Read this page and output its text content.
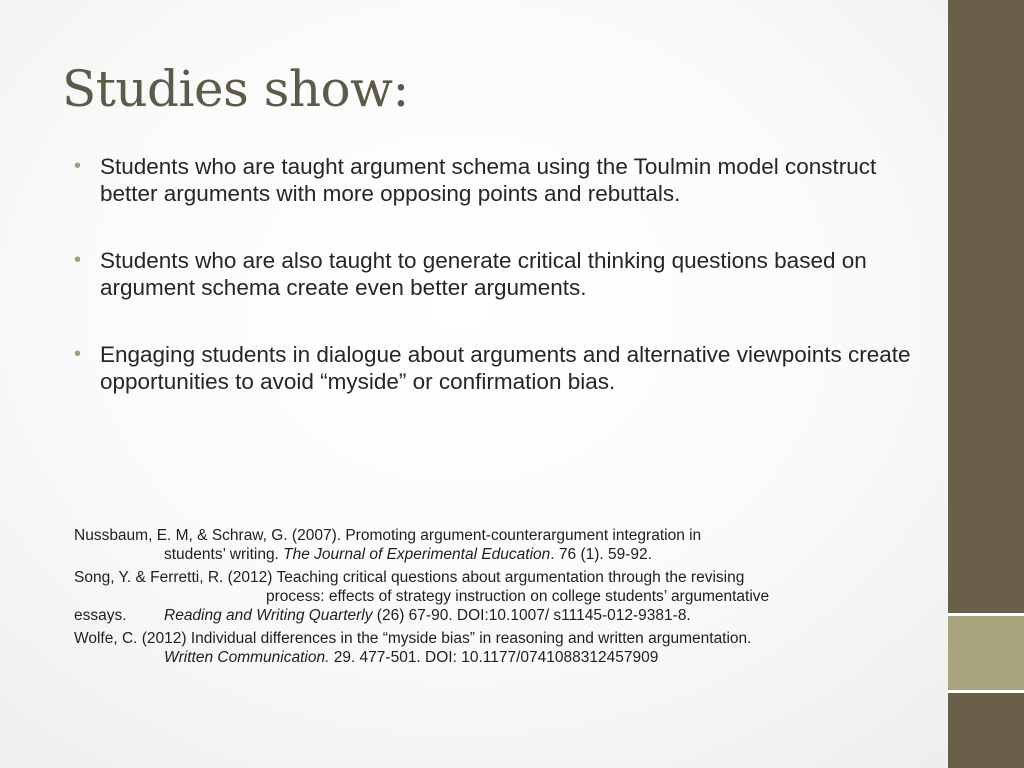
Studies show:
• Students who are taught argument schema using the Toulmin model construct better arguments with more opposing points and rebuttals.
• Students who are also taught to generate critical thinking questions based on argument schema create even better arguments.
• Engaging students in dialogue about arguments and alternative viewpoints create opportunities to avoid “myside” or confirmation bias.

Nussbaum, E. M, & Schraw, G. (2007). Promoting argument-counterargument integration in
students’ writing. The Journal of Experimental Education. 76 (1). 59-92.

Song, Y. & Ferretti, R. (2012) Teaching critical questions about argumentation through the revising
process: effects of strategy instruction on college students’ argumentative
essays. Reading and Writing Quarterly (26) 67-90. DOI:10.1007/ s11145-012-9381-8.

Wolfe, C. (2012) Individual differences in the “myside bias” in reasoning and written argumentation.
Written Communication. 29. 477-501. DOI: 10.1177/0741088312457909
